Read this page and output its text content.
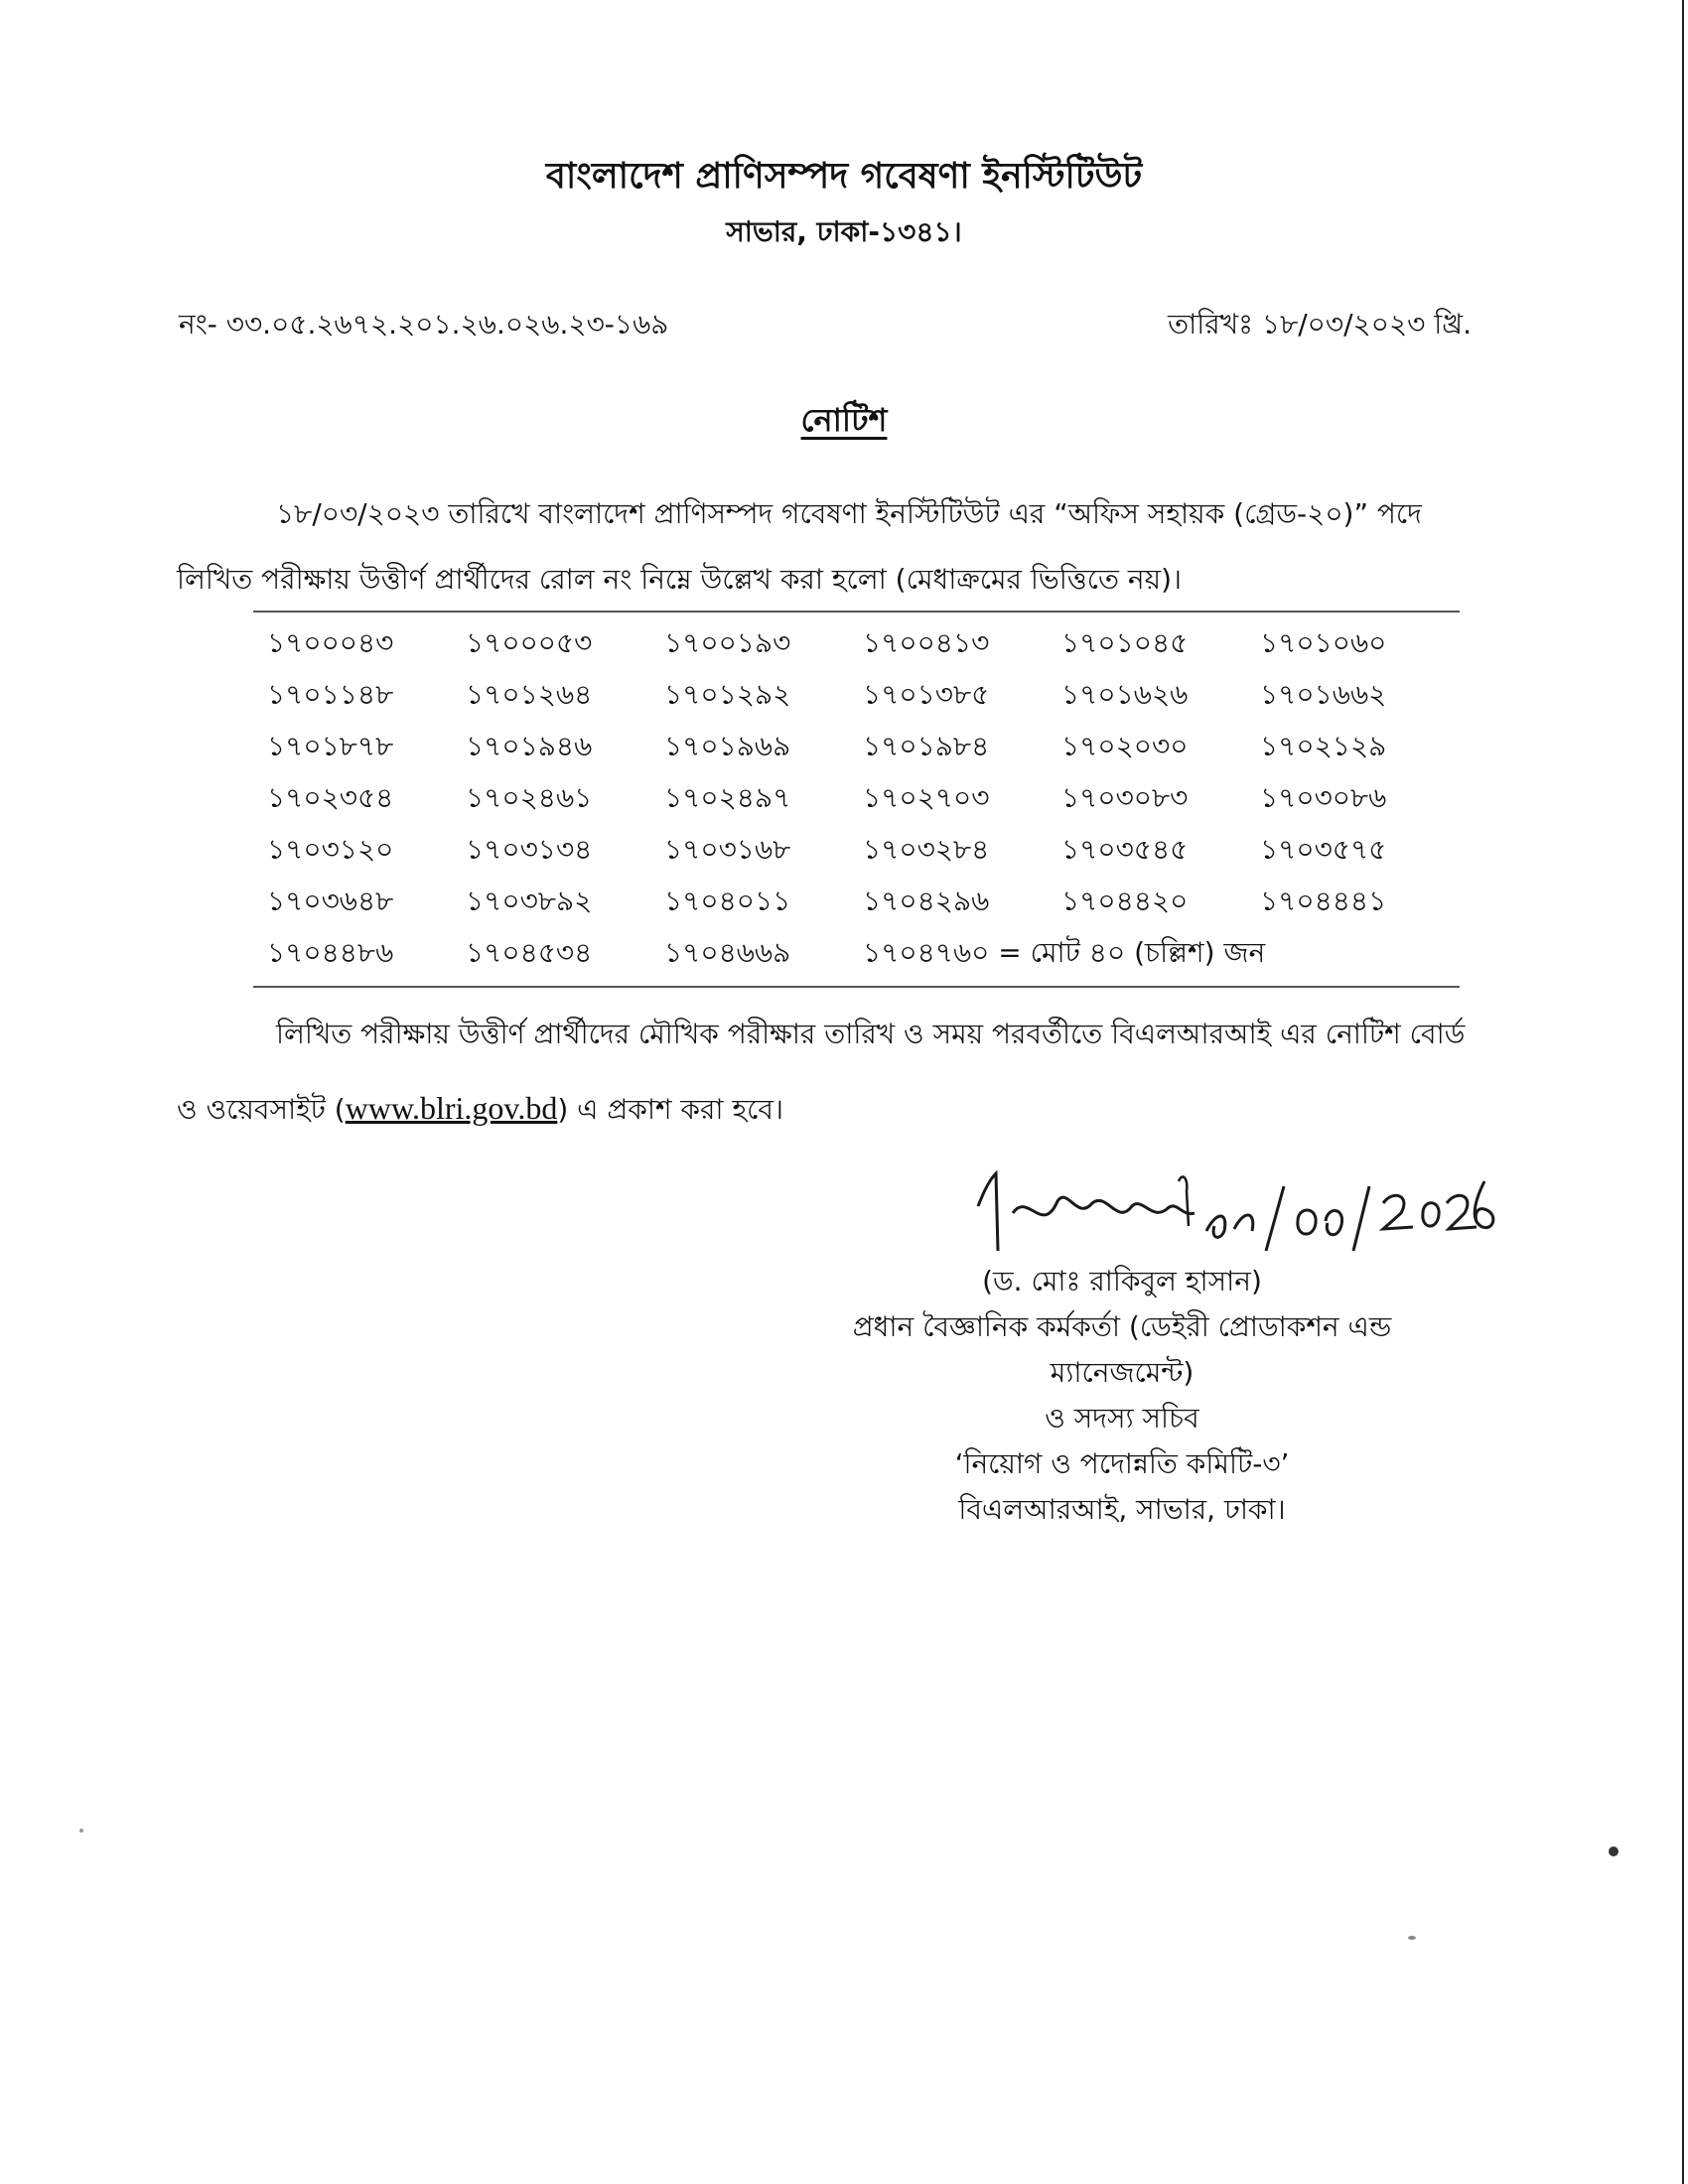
বাংলাদেশ প্রাণিসম্পদ গবেষণা ইনস্টিটিউট
সাভার, ঢাকা-১৩৪১।
নং- ৩৩.০৫.২৬৭২.২০১.২৬.০২৬.২৩-১৬৯	তারিখঃ ১৮/০৩/২০২৩ খ্রি.
নোটিশ
১৮/০৩/২০২৩ তারিখে বাংলাদেশ প্রাণিসম্পদ গবেষণা ইনস্টিটিউট এর “অফিস সহায়ক (গ্রেড-২০)” পদে লিখিত পরীক্ষায় উত্তীর্ণ প্রার্থীদের রোল নং নিম্নে উল্লেখ করা হলো (মেধাক্রমের ভিত্তিতে নয়)।
১৭০০০৪৩	১৭০০০৫৩	১৭০০১৯৩	১৭০০৪১৩	১৭০১০৪৫	১৭০১০৬০
১৭০১১৪৮	১৭০১২৬৪	১৭০১২৯২	১৭০১৩৮৫	১৭০১৬২৬	১৭০১৬৬২
১৭০১৮৭৮	১৭০১৯৪৬	১৭০১৯৬৯	১৭০১৯৮৪	১৭০২০৩০	১৭০২১২৯
১৭০২৩৫৪	১৭০২৪৬১	১৭০২৪৯৭	১৭০২৭০৩	১৭০৩০৮৩	১৭০৩০৮৬
১৭০৩১২০	১৭০৩১৩৪	১৭০৩১৬৮	১৭০৩২৮৪	১৭০৩৫৪৫	১৭০৩৫৭৫
১৭০৩৬৪৮	১৭০৩৮৯২	১৭০৪০১১	১৭০৪২৯৬	১৭০৪৪২০	১৭০৪৪৪১
১৭০৪৪৮৬	১৭০৪৫৩৪	১৭০৪৬৬৯	১৭০৪৭৬০ = মোট ৪০ (চল্লিশ) জন
লিখিত পরীক্ষায় উত্তীর্ণ প্রার্থীদের মৌখিক পরীক্ষার তারিখ ও সময় পরবর্তীতে বিএলআরআই এর নোটিশ বোর্ড ও ওয়েবসাইট (www.blri.gov.bd) এ প্রকাশ করা হবে।
(ড. মোঃ রাকিবুল হাসান)
প্রধান বৈজ্ঞানিক কর্মকর্তা (ডেইরী প্রোডাকশন এন্ড
ম্যানেজমেন্ট)
ও সদস্য সচিব
‘নিয়োগ ও পদোন্নতি কমিটি-৩’
বিএলআরআই, সাভার, ঢাকা।
